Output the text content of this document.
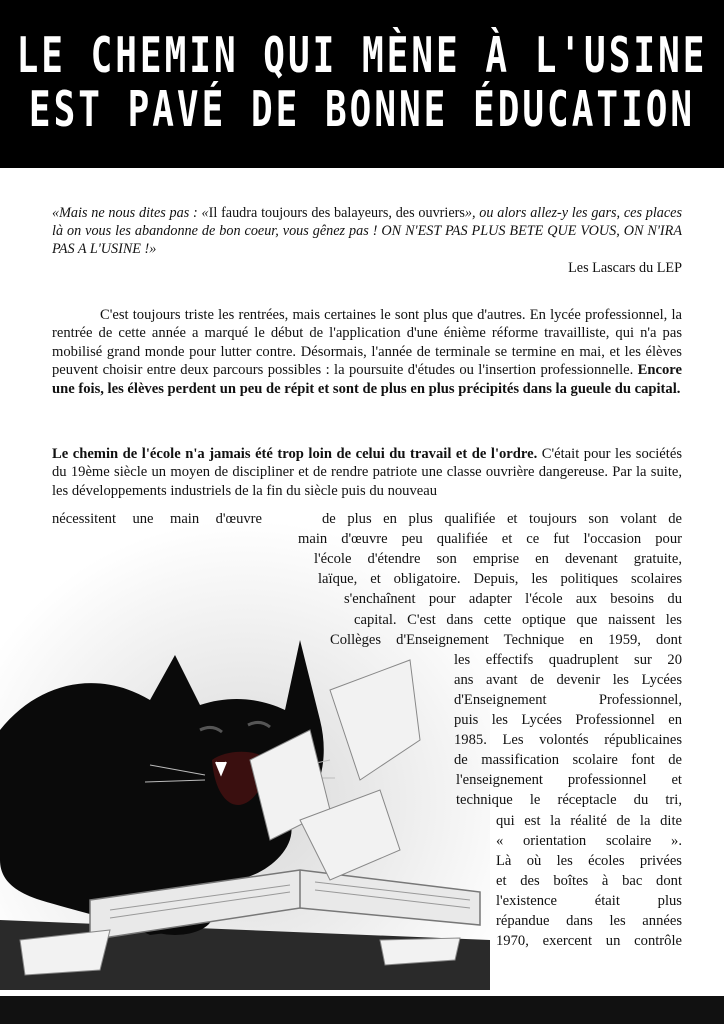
LE CHEMIN QUI MÈNE À L'USINE
EST PAVÉ DE BONNE ÉDUCATION
«Mais ne nous dites pas : «Il faudra toujours des balayeurs, des ouvriers», ou alors allez-y les gars, ces places là on vous les abandonne de bon coeur, vous gênez pas ! ON N'EST PAS PLUS BETE QUE VOUS, ON N'IRA PAS A L'USINE !»
Les Lascars du LEP
C'est toujours triste les rentrées, mais certaines le sont plus que d'autres. En lycée professionnel, la rentrée de cette année a marqué le début de l'application d'une énième réforme travailliste, qui n'a pas mobilisé grand monde pour lutter contre. Désormais, l'année de terminale se termine en mai, et les élèves peuvent choisir entre deux parcours possibles : la poursuite d'études ou l'insertion professionnelle. Encore une fois, les élèves perdent un peu de répit et sont de plus en plus précipités dans la gueule du capital.
Le chemin de l'école n'a jamais été trop loin de celui du travail et de l'ordre. C'était pour les sociétés du 19ème siècle un moyen de discipliner et de rendre patriote une classe ouvrière dangereuse. Par la suite, les développements industriels de la fin du siècle puis du nouveau
nécessitent une main d'œuvre	de plus en plus qualifiée et toujours son volant de
main d'œuvre peu qualifiée et ce fut l'occasion pour
l'école d'étendre son emprise en devenant gratuite,
laïque, et obligatoire. Depuis, les politiques scolaires
s'enchaînent pour adapter l'école aux besoins du
capital. C'est dans cette optique que naissent les
Collèges d'Enseignement Technique en 1959, dont
les effectifs quadruplent sur 20
ans avant de devenir les Lycées
d'Enseignement Professionnel,
puis les Lycées Professionnel en
1985. Les volontés républicaines
de massification scolaire font de
l'enseignement professionnel et
technique le réceptacle du tri,
qui est la réalité de la dite
« orientation scolaire ».
Là où les écoles privées
et des boîtes à bac dont
l'existence était plus
répandue dans les années
1970, exercent un contrôle
